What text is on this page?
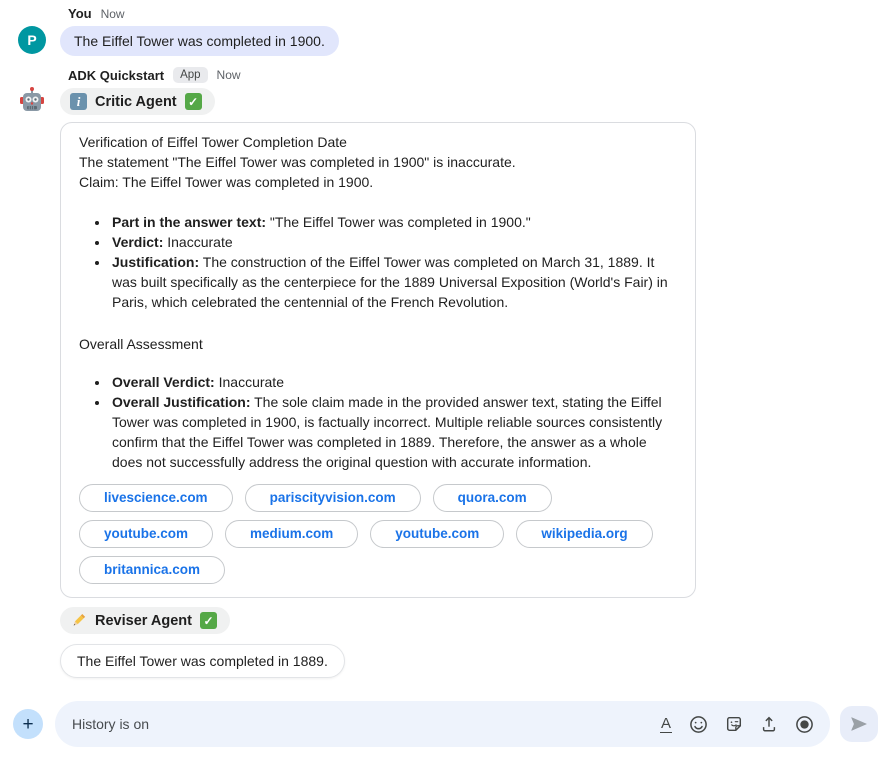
You Now
P	The Eiffel Tower was completed in 1900.
ADK Quickstart	App	Now
i	Critic Agent ✓
Verification of Eiffel Tower Completion Date
The statement "The Eiffel Tower was completed in 1900" is inaccurate.
Claim: The Eiffel Tower was completed in 1900.
• Part in the answer text: "The Eiffel Tower was completed in 1900."
• Verdict: Inaccurate
• Justification: The construction of the Eiffel Tower was completed on March 31, 1889. It was built specifically as the centerpiece for the 1889 Universal Exposition (World's Fair) in Paris, which celebrated the centennial of the French Revolution.
Overall Assessment
• Overall Verdict: Inaccurate
• Overall Justification: The sole claim made in the provided answer text, stating the Eiffel Tower was completed in 1900, is factually incorrect. Multiple reliable sources consistently confirm that the Eiffel Tower was completed in 1889. Therefore, the answer as a whole does not successfully address the original question with accurate information.
livescience.com	pariscityvision.com	quora.com
youtube.com	medium.com	youtube.com	wikipedia.org
britannica.com
Reviser Agent ✓
The Eiffel Tower was completed in 1889.
+	History is on	A
